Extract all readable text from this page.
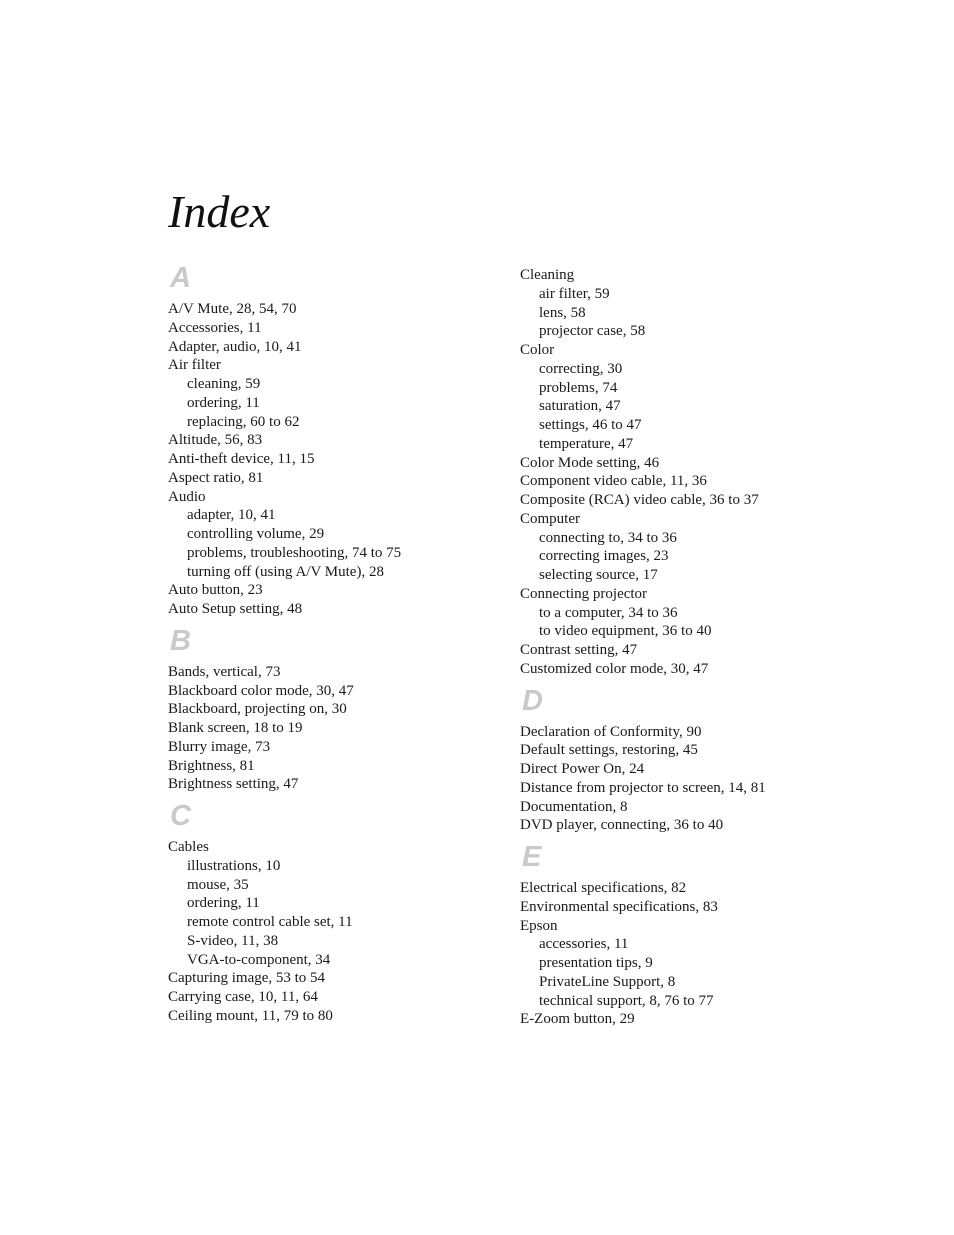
Index
A
A/V Mute, 28, 54, 70
Accessories, 11
Adapter, audio, 10, 41
Air filter
cleaning, 59
ordering, 11
replacing, 60 to 62
Altitude, 56, 83
Anti-theft device, 11, 15
Aspect ratio, 81
Audio
adapter, 10, 41
controlling volume, 29
problems, troubleshooting, 74 to 75
turning off (using A/V Mute), 28
Auto button, 23
Auto Setup setting, 48
B
Bands, vertical, 73
Blackboard color mode, 30, 47
Blackboard, projecting on, 30
Blank screen, 18 to 19
Blurry image, 73
Brightness, 81
Brightness setting, 47
C
Cables
illustrations, 10
mouse, 35
ordering, 11
remote control cable set, 11
S-video, 11, 38
VGA-to-component, 34
Capturing image, 53 to 54
Carrying case, 10, 11, 64
Ceiling mount, 11, 79 to 80
Cleaning
air filter, 59
lens, 58
projector case, 58
Color
correcting, 30
problems, 74
saturation, 47
settings, 46 to 47
temperature, 47
Color Mode setting, 46
Component video cable, 11, 36
Composite (RCA) video cable, 36 to 37
Computer
connecting to, 34 to 36
correcting images, 23
selecting source, 17
Connecting projector
to a computer, 34 to 36
to video equipment, 36 to 40
Contrast setting, 47
Customized color mode, 30, 47
D
Declaration of Conformity, 90
Default settings, restoring, 45
Direct Power On, 24
Distance from projector to screen, 14, 81
Documentation, 8
DVD player, connecting, 36 to 40
E
Electrical specifications, 82
Environmental specifications, 83
Epson
accessories, 11
presentation tips, 9
PrivateLine Support, 8
technical support, 8, 76 to 77
E-Zoom button, 29
